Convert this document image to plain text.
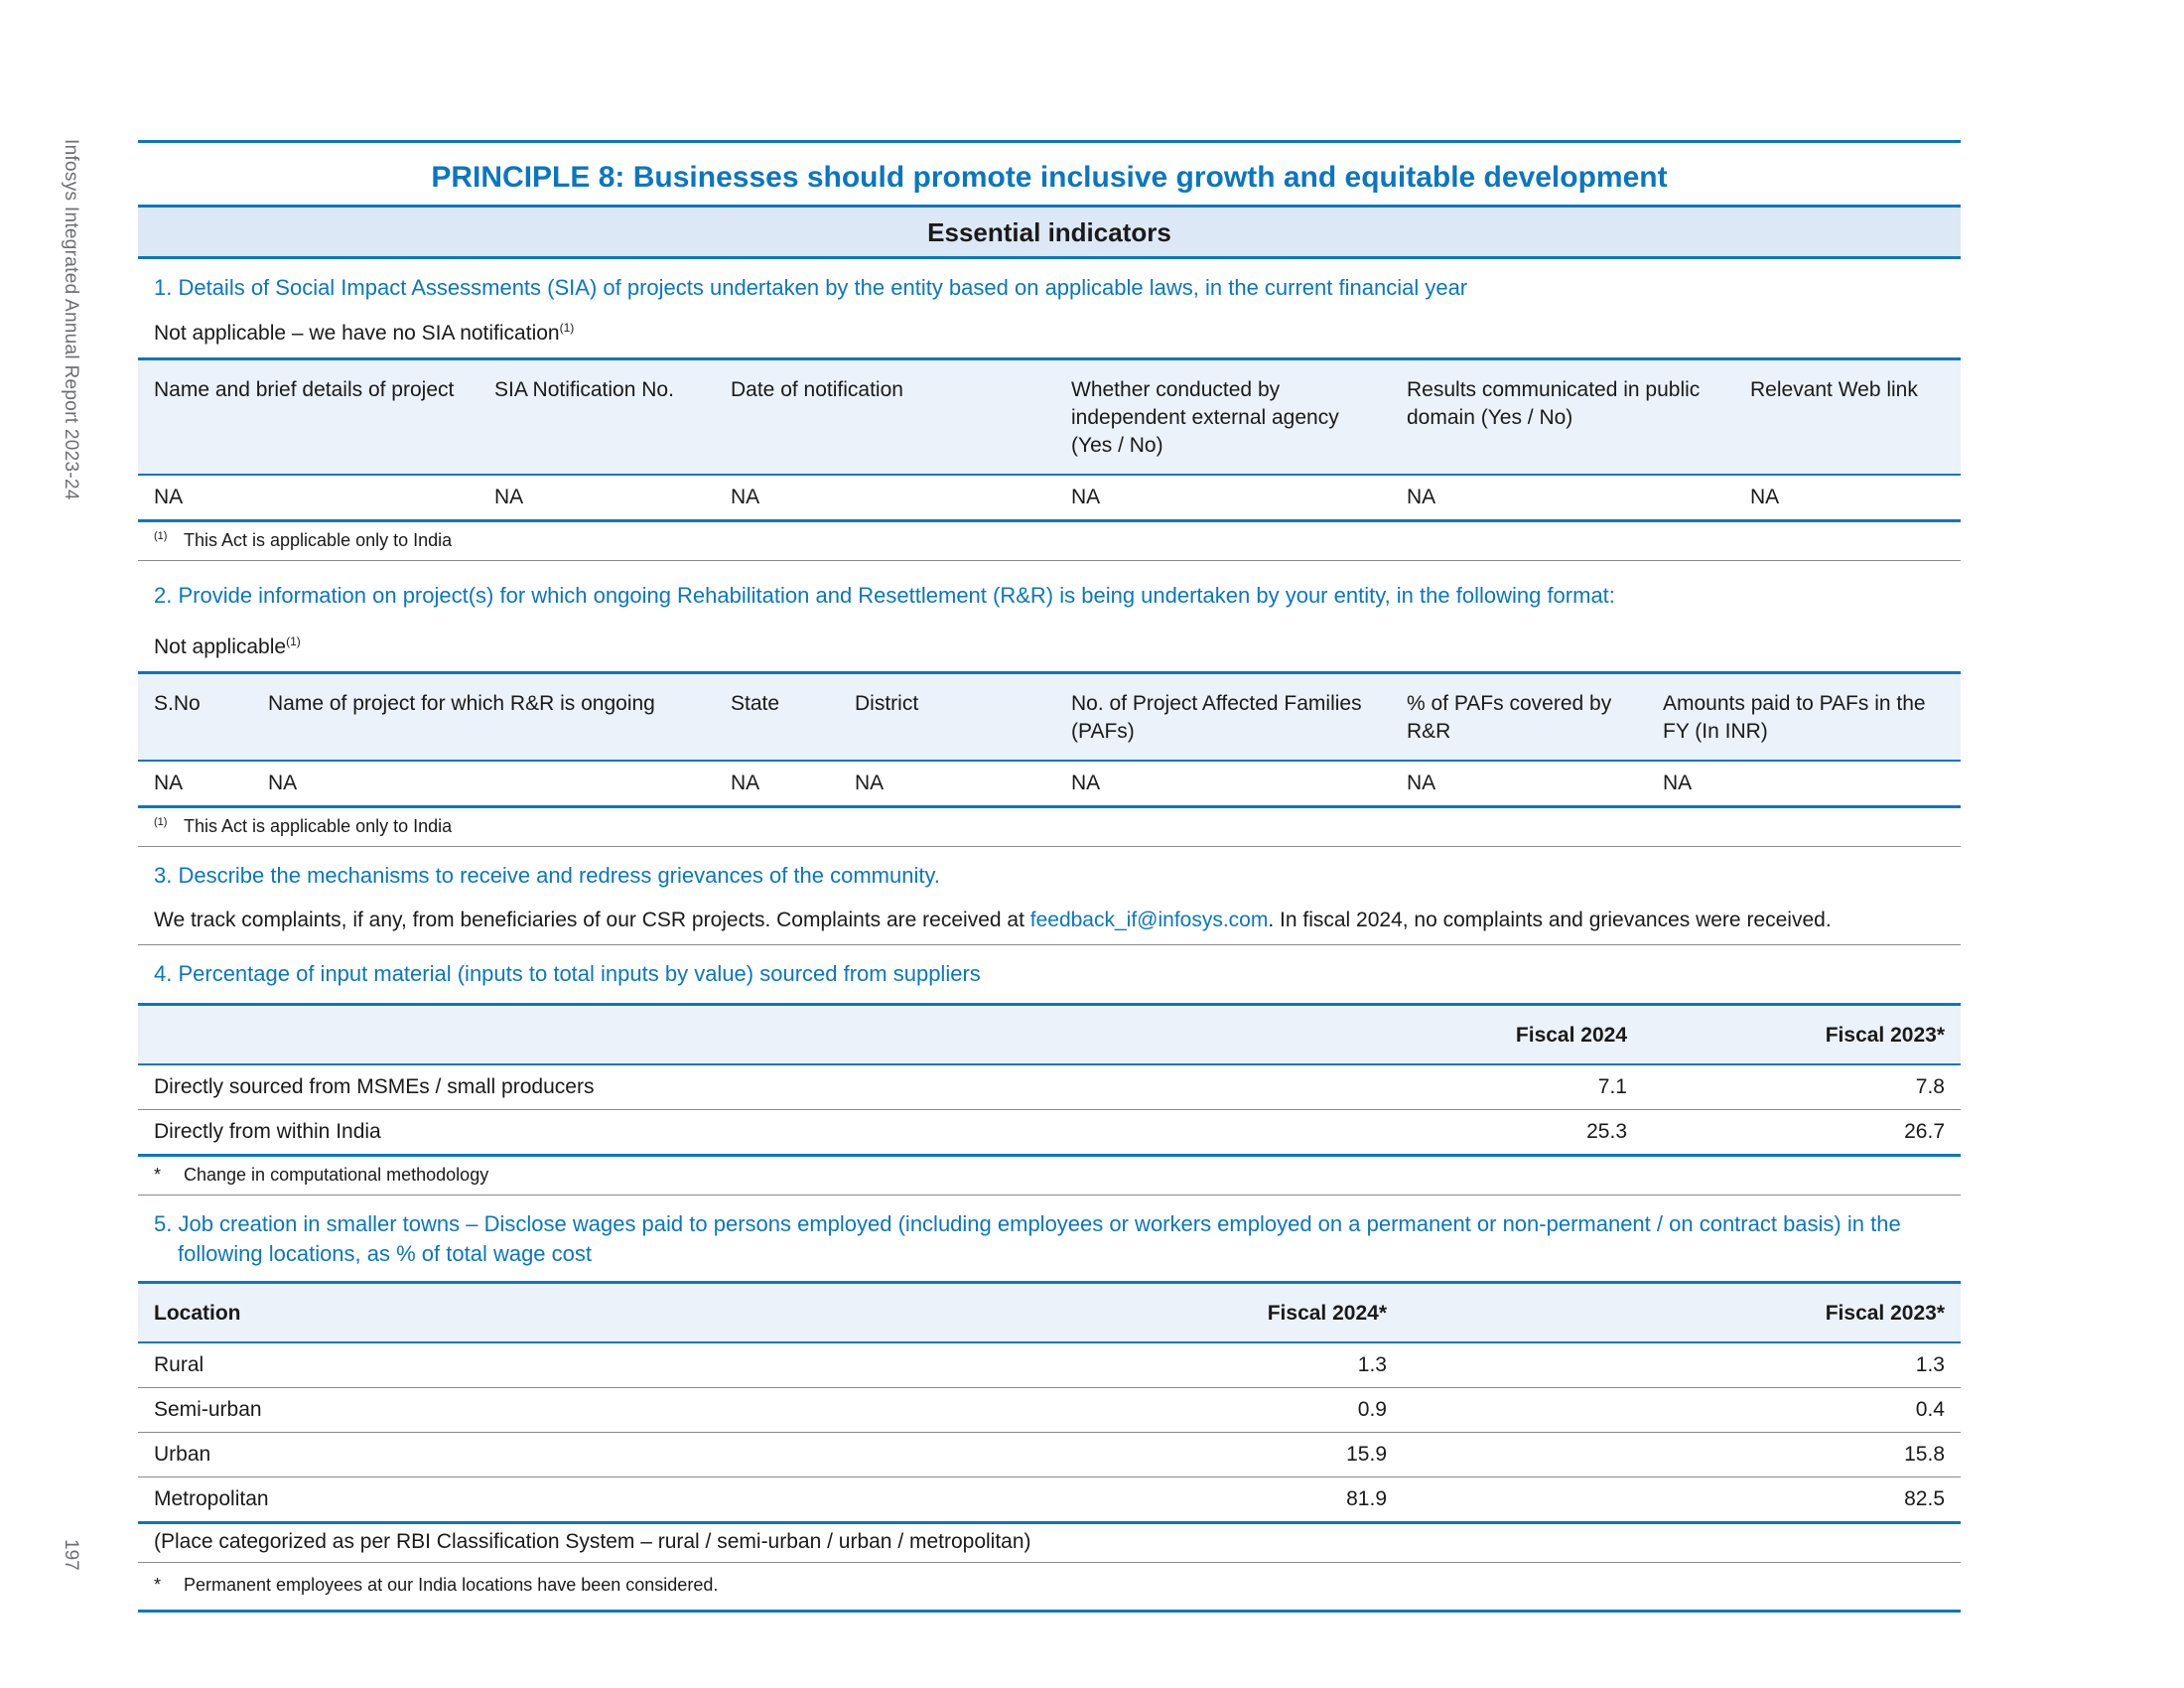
Infosys Integrated Annual Report 2023-24
197
PRINCIPLE 8: Businesses should promote inclusive growth and equitable development
Essential indicators
1. Details of Social Impact Assessments (SIA) of projects undertaken by the entity based on applicable laws, in the current financial year
Not applicable – we have no SIA notification$^{(1)}$
Name and brief details of project	SIA Notification No.	Date of notification	Whether conducted by independent external agency (Yes / No)	Results communicated in public domain (Yes / No)	Relevant Web link
NA	NA	NA	NA	NA	NA
(1) This Act is applicable only to India
2. Provide information on project(s) for which ongoing Rehabilitation and Resettlement (R&R) is being undertaken by your entity, in the following format:
Not applicable$^{(1)}$
S.No	Name of project for which R&R is ongoing	State	District	No. of Project Affected Families (PAFs)	% of PAFs covered by R&R	Amounts paid to PAFs in the FY (In INR)
NA	NA	NA	NA	NA	NA	NA
(1) This Act is applicable only to India
3. Describe the mechanisms to receive and redress grievances of the community.
We track complaints, if any, from beneficiaries of our CSR projects. Complaints are received at feedback_if@infosys.com. In fiscal 2024, no complaints and grievances were received.
4. Percentage of input material (inputs to total inputs by value) sourced from suppliers
	Fiscal 2024	Fiscal 2023*
Directly sourced from MSMEs / small producers	7.1	7.8
Directly from within India	25.3	26.7
* Change in computational methodology
5. Job creation in smaller towns – Disclose wages paid to persons employed (including employees or workers employed on a permanent or non-permanent / on contract basis) in the following locations, as % of total wage cost
Location	Fiscal 2024*	Fiscal 2023*
Rural	1.3	1.3
Semi-urban	0.9	0.4
Urban	15.9	15.8
Metropolitan	81.9	82.5
(Place categorized as per RBI Classification System – rural / semi-urban / urban / metropolitan)
* Permanent employees at our India locations have been considered.
